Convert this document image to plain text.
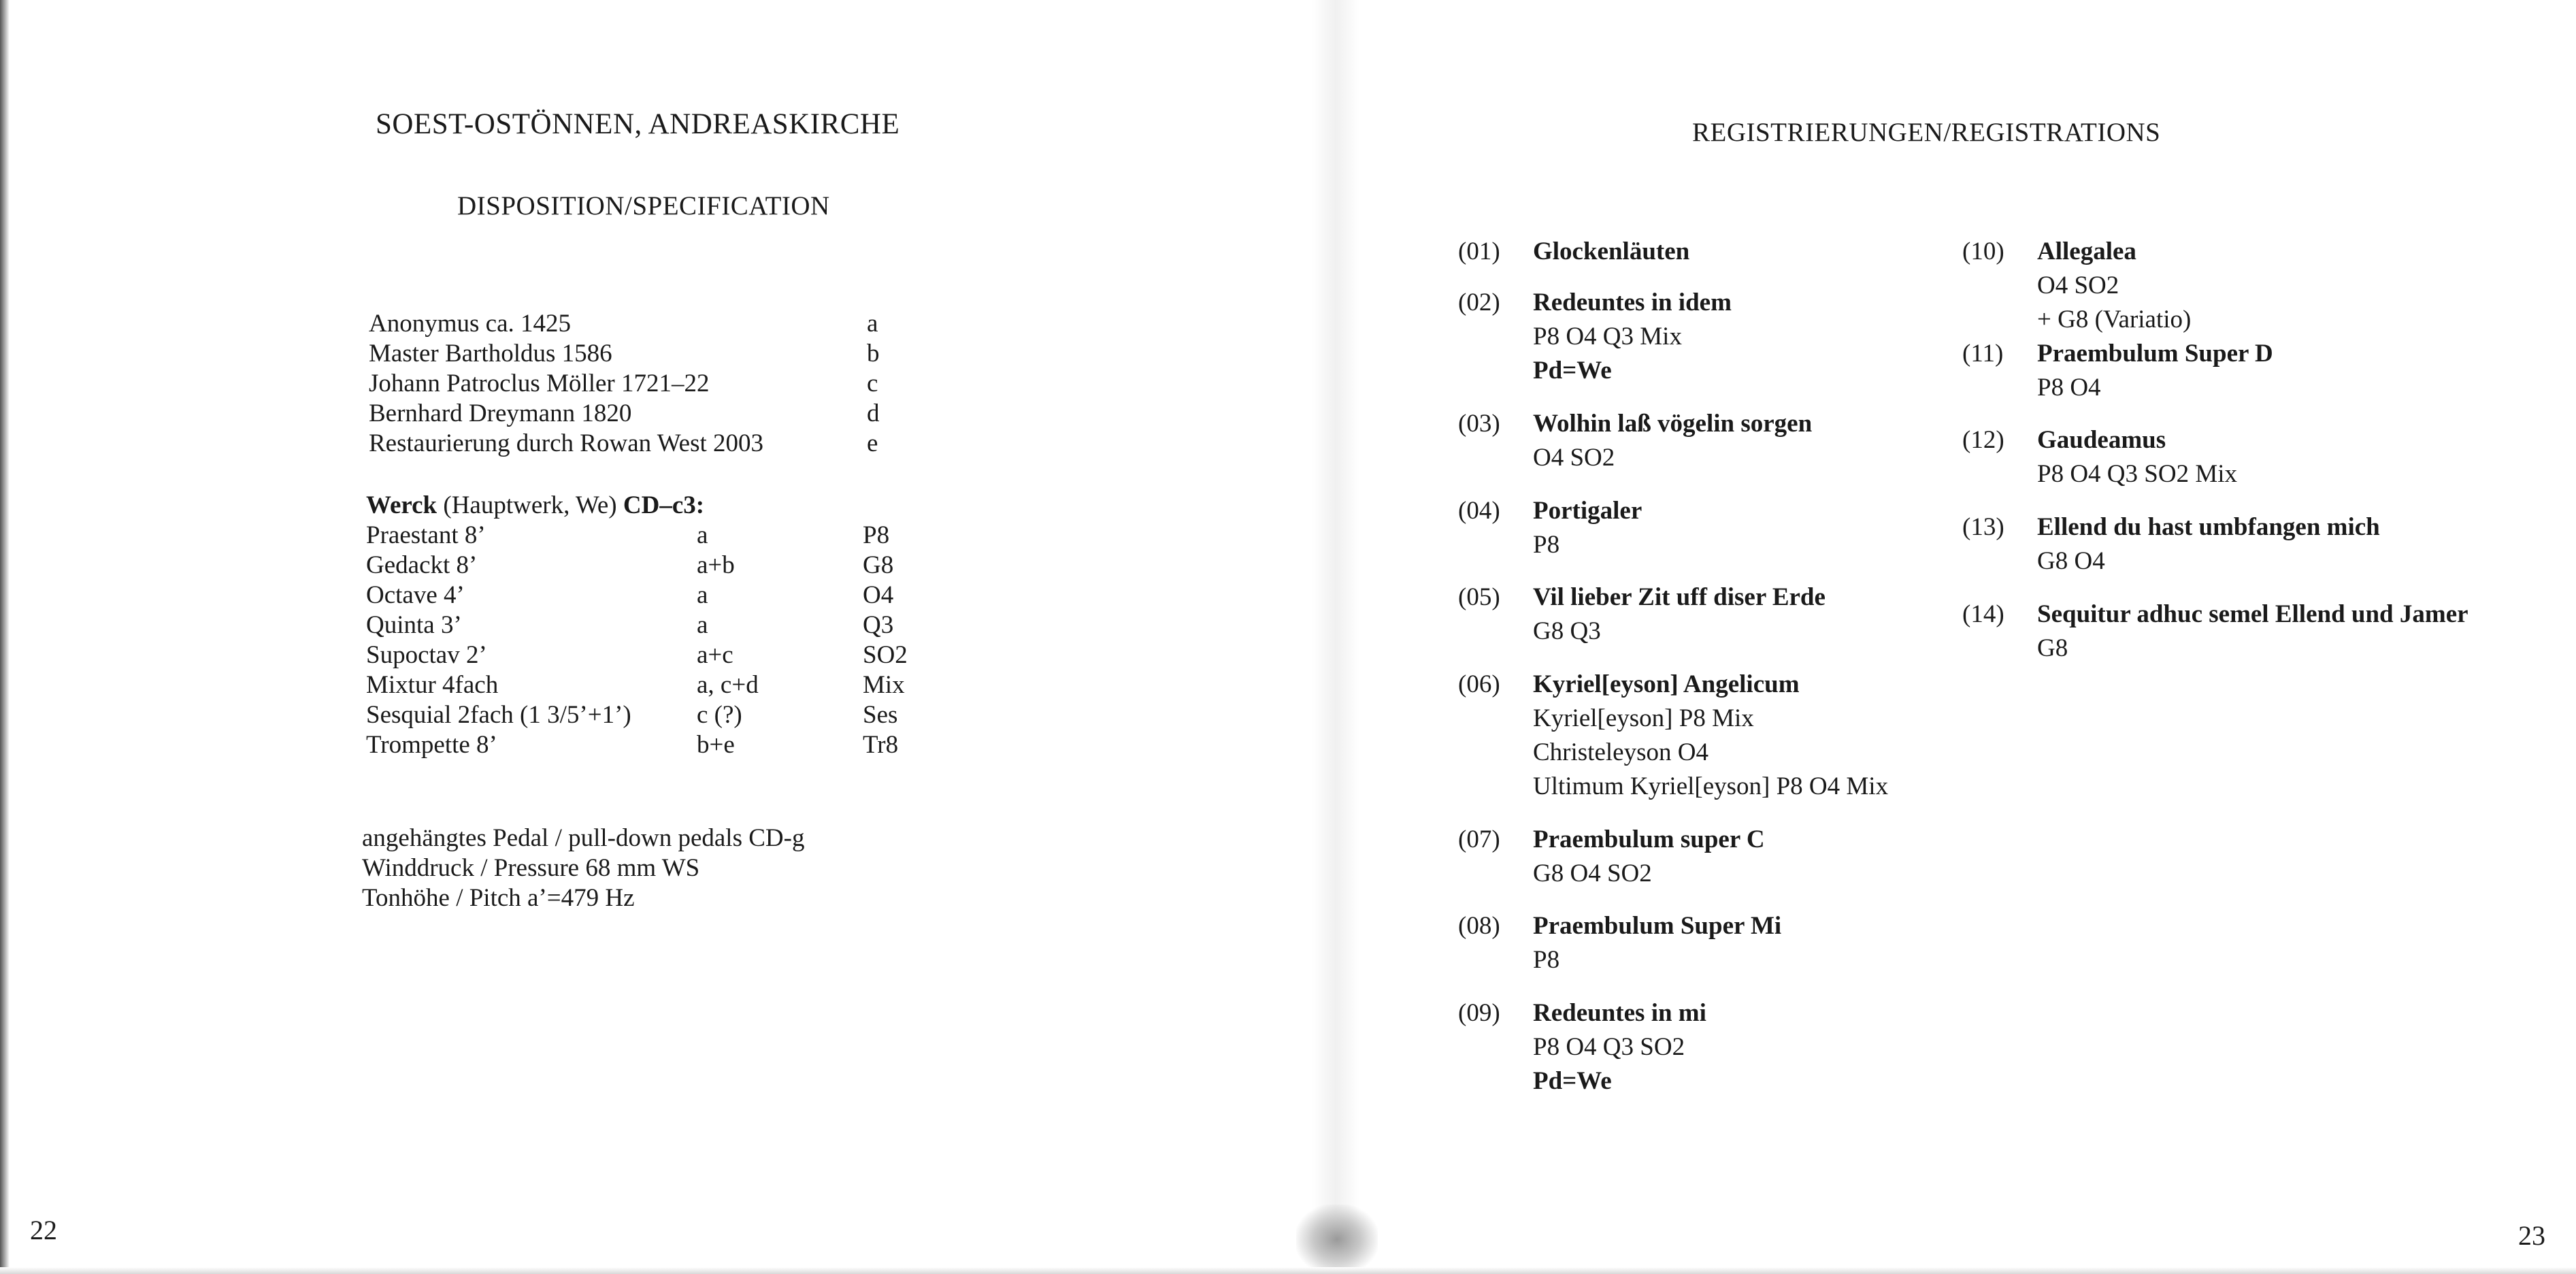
SOEST-OSTÖNNEN, ANDREASKIRCHE
DISPOSITION/SPECIFICATION
Anonymus ca. 1425	a
Master Bartholdus 1586	b
Johann Patroclus Möller 1721–22	c
Bernhard Dreymann 1820	d
Restaurierung durch Rowan West 2003	e
Werck (Hauptwerk, We) CD–c3:
Praestant 8’	a	P8
Gedackt 8’	a+b	G8
Octave 4’	a	O4
Quinta 3’	a	Q3
Supoctav 2’	a+c	SO2
Mixtur 4fach	a, c+d	Mix
Sesquial 2fach (1 3/5’+1’)	c (?)	Ses
Trompette 8’	b+e	Tr8
angehängtes Pedal / pull-down pedals CD-g
Winddruck / Pressure 68 mm WS
Tonhöhe / Pitch a’=479 Hz
22
REGISTRIERUNGEN/REGISTRATIONS
(01) Glockenläuten
(02) Redeuntes in idem
P8 O4 Q3 Mix
Pd=We
(03) Wolhin laß vögelin sorgen
O4 SO2
(04) Portigaler
P8
(05) Vil lieber Zit uff diser Erde
G8 Q3
(06) Kyriel[eyson] Angelicum
Kyriel[eyson] P8 Mix
Christeleyson O4
Ultimum Kyriel[eyson] P8 O4 Mix
(07) Praembulum super C
G8 O4 SO2
(08) Praembulum Super Mi
P8
(09) Redeuntes in mi
P8 O4 Q3 SO2
Pd=We
(10) Allegalea
O4 SO2
+ G8 (Variatio)
(11) Praembulum Super D
P8 O4
(12) Gaudeamus
P8 O4 Q3 SO2 Mix
(13) Ellend du hast umbfangen mich
G8 O4
(14) Sequitur adhuc semel Ellend und Jamer
G8
23
